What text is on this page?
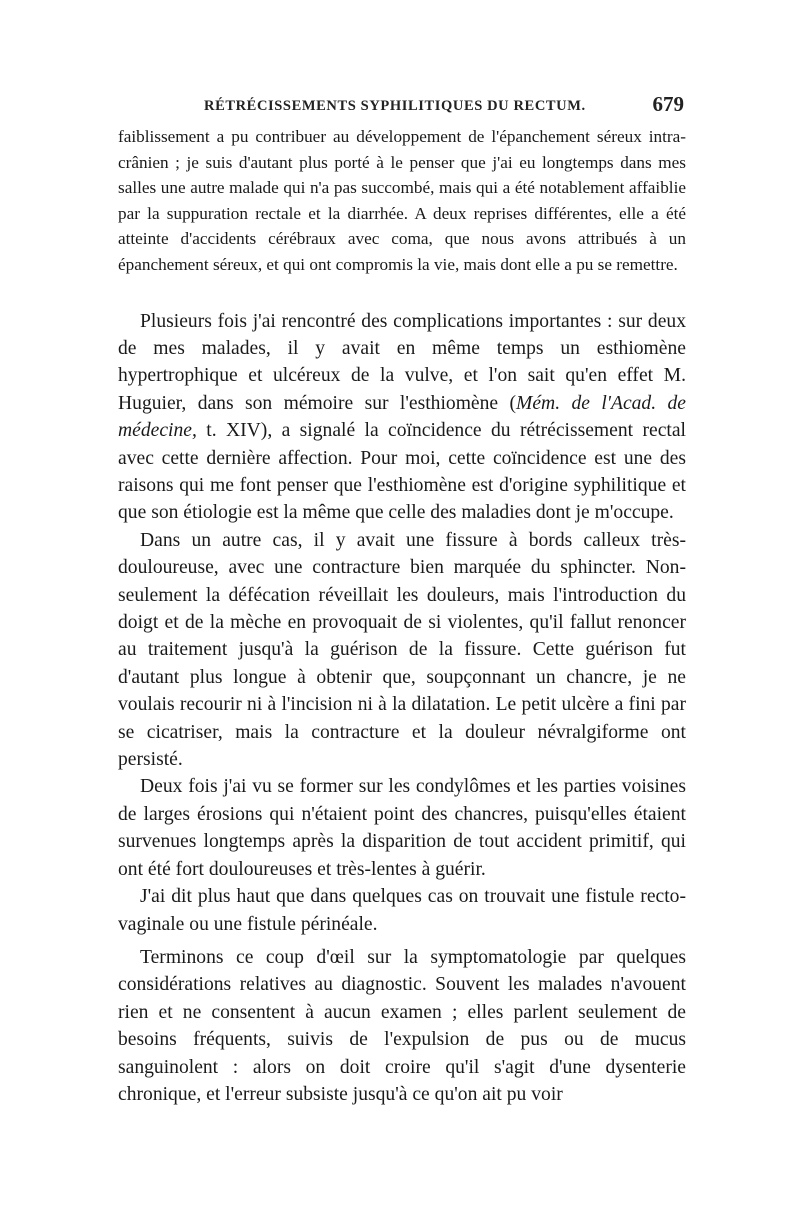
RÉTRÉCISSEMENTS SYPHILITIQUES DU RECTUM.	679

faiblissement a pu contribuer au développement de l'épanchement séreux intra-crânien ; je suis d'autant plus porté à le penser que j'ai eu longtemps dans mes salles une autre malade qui n'a pas succombé, mais qui a été notablement affaiblie par la suppuration rectale et la diarrhée. A deux reprises différentes, elle a été atteinte d'accidents cérébraux avec coma, que nous avons attribués à un épanchement séreux, et qui ont compromis la vie, mais dont elle a pu se remettre.

Plusieurs fois j'ai rencontré des complications importantes : sur deux de mes malades, il y avait en même temps un esthiomène hypertrophique et ulcéreux de la vulve, et l'on sait qu'en effet M. Huguier, dans son mémoire sur l'esthiomène (Mém. de l'Acad. de médecine, t. XIV), a signalé la coïncidence du rétrécissement rectal avec cette dernière affection. Pour moi, cette coïncidence est une des raisons qui me font penser que l'esthiomène est d'origine syphilitique et que son étiologie est la même que celle des maladies dont je m'occupe.

Dans un autre cas, il y avait une fissure à bords calleux très-douloureuse, avec une contracture bien marquée du sphincter. Non-seulement la défécation réveillait les douleurs, mais l'introduction du doigt et de la mèche en provoquait de si violentes, qu'il fallut renoncer au traitement jusqu'à la guérison de la fissure. Cette guérison fut d'autant plus longue à obtenir que, soupçonnant un chancre, je ne voulais recourir ni à l'incision ni à la dilatation. Le petit ulcère a fini par se cicatriser, mais la contracture et la douleur névralgiforme ont persisté.

Deux fois j'ai vu se former sur les condylômes et les parties voisines de larges érosions qui n'étaient point des chancres, puisqu'elles étaient survenues longtemps après la disparition de tout accident primitif, qui ont été fort douloureuses et très-lentes à guérir.

J'ai dit plus haut que dans quelques cas on trouvait une fistule recto-vaginale ou une fistule périnéale.

Terminons ce coup d'œil sur la symptomatologie par quelques considérations relatives au diagnostic. Souvent les malades n'avouent rien et ne consentent à aucun examen ; elles parlent seulement de besoins fréquents, suivis de l'expulsion de pus ou de mucus sanguinolent : alors on doit croire qu'il s'agit d'une dysenterie chronique, et l'erreur subsiste jusqu'à ce qu'on ait pu voir
